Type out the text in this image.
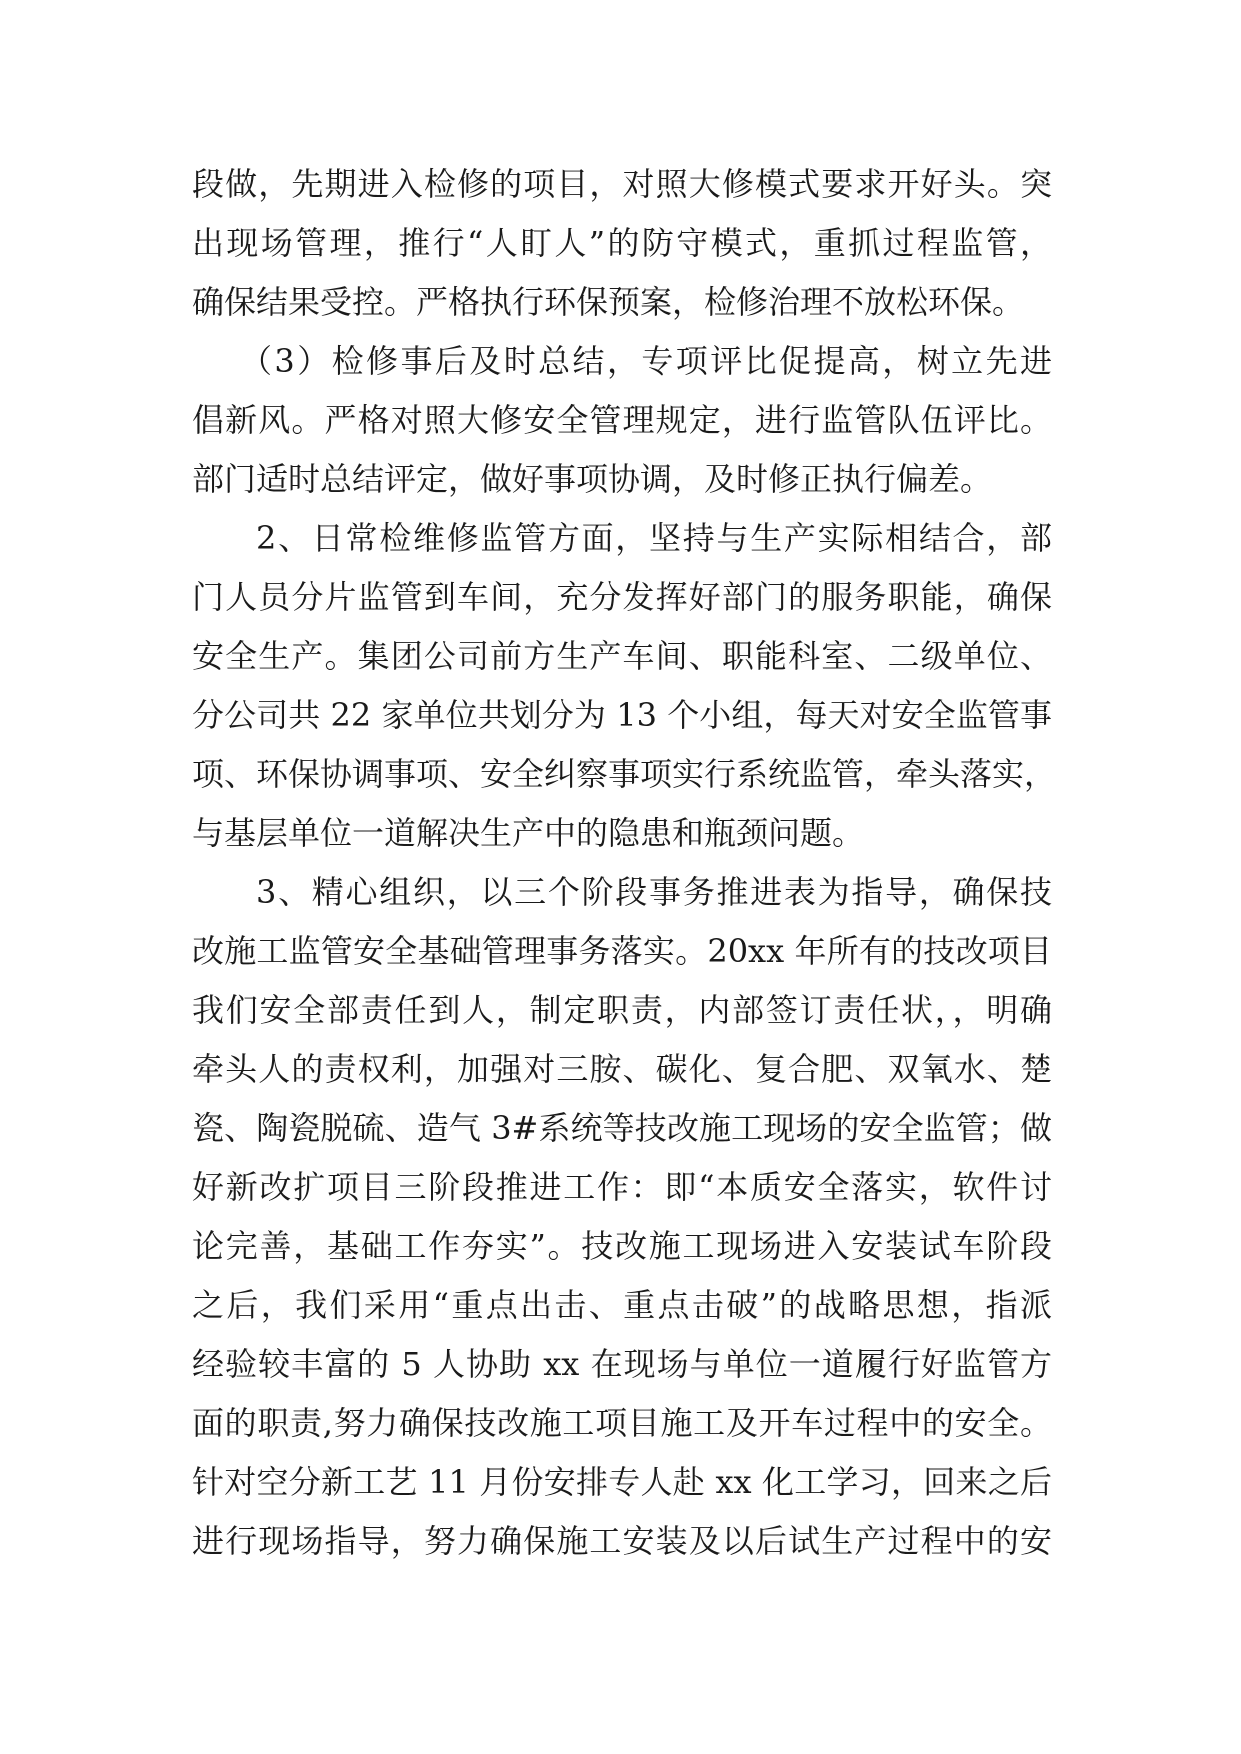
段做，先期进入检修的项目，对照大修模式要求开好头。突
出现场管理，推行“人盯人”的防守模式，重抓过程监管，
确保结果受控。严格执行环保预案，检修治理不放松环保。
（3）检修事后及时总结，专项评比促提高，树立先进
倡新风。严格对照大修安全管理规定，进行监管队伍评比。
部门适时总结评定，做好事项协调，及时修正执行偏差。
2、日常检维修监管方面，坚持与生产实际相结合，部
门人员分片监管到车间，充分发挥好部门的服务职能，确保
安全生产。集团公司前方生产车间、职能科室、二级单位、
分公司共 22 家单位共划分为 13 个小组，每天对安全监管事
项、环保协调事项、安全纠察事项实行系统监管，牵头落实，
与基层单位一道解决生产中的隐患和瓶颈问题。
3、精心组织，以三个阶段事务推进表为指导，确保技
改施工监管安全基础管理事务落实。20xx 年所有的技改项目
我们安全部责任到人，制定职责，内部签订责任状，，明确
牵头人的责权利，加强对三胺、碳化、复合肥、双氧水、楚
瓷、陶瓷脱硫、造气 3#系统等技改施工现场的安全监管；做
好新改扩项目三阶段推进工作：即“本质安全落实，软件讨
论完善，基础工作夯实”。技改施工现场进入安装试车阶段
之后，我们采用“重点出击、重点击破”的战略思想，指派
经验较丰富的 5 人协助 xx 在现场与单位一道履行好监管方
面的职责,努力确保技改施工项目施工及开车过程中的安全。
针对空分新工艺 11 月份安排专人赴 xx 化工学习，回来之后
进行现场指导，努力确保施工安装及以后试生产过程中的安
